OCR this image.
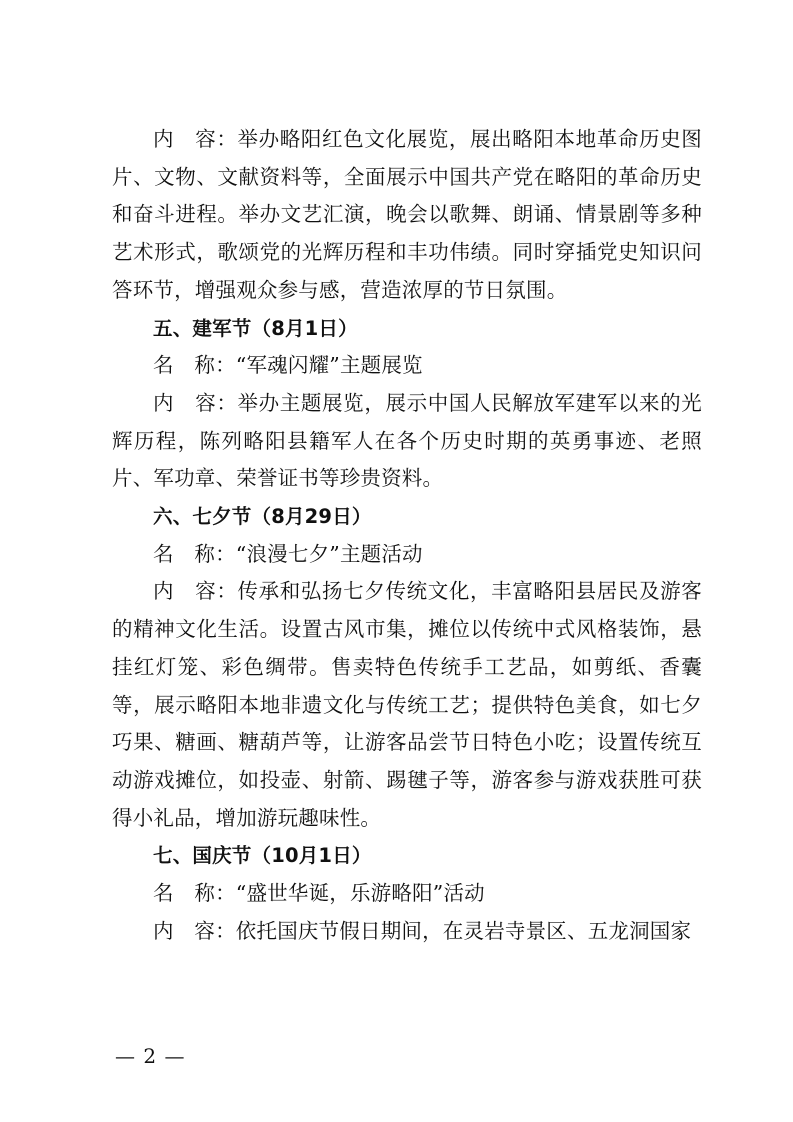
内　容：举办略阳红色文化展览，展出略阳本地革命历史图片、文物、文献资料等，全面展示中国共产党在略阳的革命历史和奋斗进程。举办文艺汇演，晚会以歌舞、朗诵、情景剧等多种艺术形式，歌颂党的光辉历程和丰功伟绩。同时穿插党史知识问答环节，增强观众参与感，营造浓厚的节日氛围。

五、建军节（8月1日）

名　称：“军魂闪耀”主题展览

内　容：举办主题展览，展示中国人民解放军建军以来的光辉历程，陈列略阳县籍军人在各个历史时期的英勇事迹、老照片、军功章、荣誉证书等珍贵资料。

六、七夕节（8月29日）

名　称：“浪漫七夕”主题活动

内　容：传承和弘扬七夕传统文化，丰富略阳县居民及游客的精神文化生活。设置古风市集，摊位以传统中式风格装饰，悬挂红灯笼、彩色绸带。售卖特色传统手工艺品，如剪纸、香囊等，展示略阳本地非遗文化与传统工艺；提供特色美食，如七夕巧果、糖画、糖葫芦等，让游客品尝节日特色小吃；设置传统互动游戏摊位，如投壶、射箭、踢毽子等，游客参与游戏获胜可获得小礼品，增加游玩趣味性。

七、国庆节（10月1日）

名　称：“盛世华诞，乐游略阳”活动

内　容：依托国庆节假日期间，在灵岩寺景区、五龙洞国家

— 2 —
